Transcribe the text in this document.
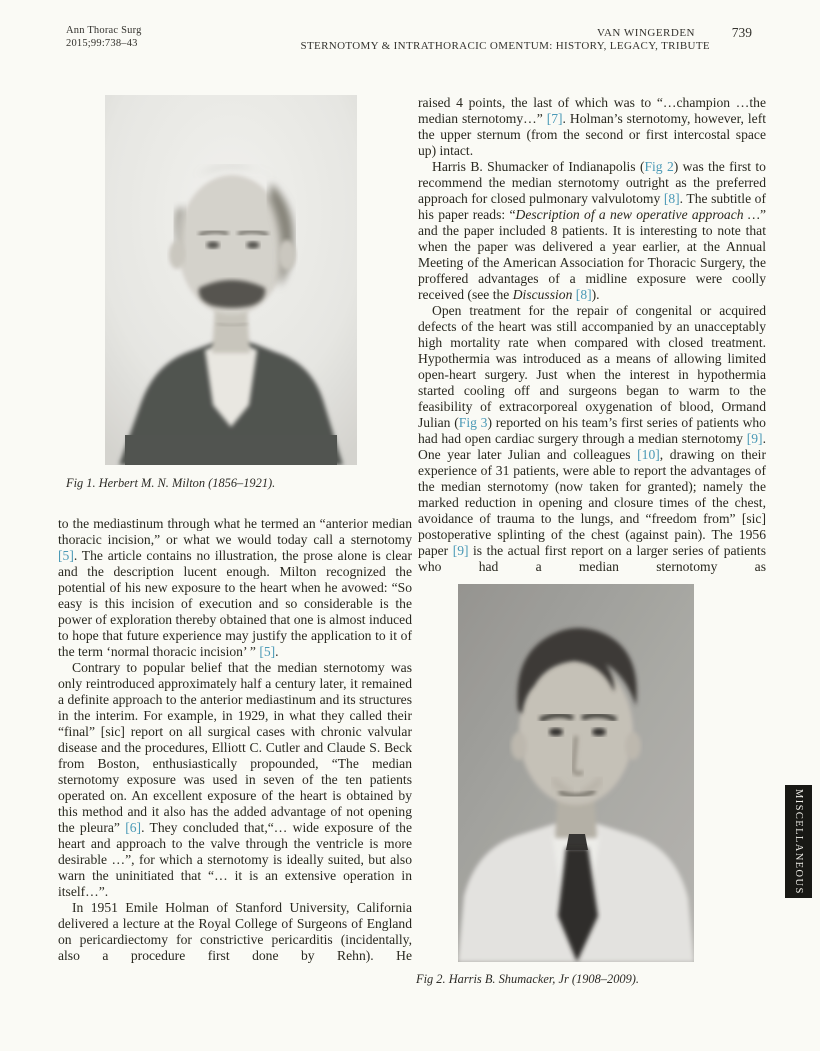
Ann Thorac Surg
2015;99:738–43
VAN WINGERDEN	739
STERNOTOMY & INTRATHORACIC OMENTUM: HISTORY, LEGACY, TRIBUTE
Fig 1. Herbert M. N. Milton (1856–1921).

to the mediastinum through what he termed an “anterior median thoracic incision,” or what we would today call a sternotomy [5]. The article contains no illustration, the prose alone is clear and the description lucent enough. Milton recognized the potential of his new exposure to the heart when he avowed: “So easy is this incision of execution and so considerable is the power of exploration thereby obtained that one is almost induced to hope that future experience may justify the application to it of the term ‘normal thoracic incision’ ” [5].

Contrary to popular belief that the median sternotomy was only reintroduced approximately half a century later, it remained a definite approach to the anterior mediastinum and its structures in the interim. For example, in 1929, in what they called their “final” [sic] report on all surgical cases with chronic valvular disease and the procedures, Elliott C. Cutler and Claude S. Beck from Boston, enthusiastically propounded, “The median sternotomy exposure was used in seven of the ten patients operated on. An excellent exposure of the heart is obtained by this method and it also has the added advantage of not opening the pleura” [6]. They concluded that,“… wide exposure of the heart and approach to the valve through the ventricle is more desirable …”, for which a sternotomy is ideally suited, but also warn the uninitiated that “… it is an extensive operation in itself…”.

In 1951 Emile Holman of Stanford University, California delivered a lecture at the Royal College of Surgeons of England on pericardiectomy for constrictive pericarditis (incidentally, also a procedure first done by Rehn). He

raised 4 points, the last of which was to “…champion …the median sternotomy…” [7]. Holman’s sternotomy, however, left the upper sternum (from the second or first intercostal space up) intact.

Harris B. Shumacker of Indianapolis (Fig 2) was the first to recommend the median sternotomy outright as the preferred approach for closed pulmonary valvulotomy [8]. The subtitle of his paper reads: “Description of a new operative approach …” and the paper included 8 patients. It is interesting to note that when the paper was delivered a year earlier, at the Annual Meeting of the American Association for Thoracic Surgery, the proffered advantages of a midline exposure were coolly received (see the Discussion [8]).

Open treatment for the repair of congenital or acquired defects of the heart was still accompanied by an unacceptably high mortality rate when compared with closed treatment. Hypothermia was introduced as a means of allowing limited open-heart surgery. Just when the interest in hypothermia started cooling off and surgeons began to warm to the feasibility of extracorporeal oxygenation of blood, Ormand Julian (Fig 3) reported on his team’s first series of patients who had had open cardiac surgery through a median sternotomy [9]. One year later Julian and colleagues [10], drawing on their experience of 31 patients, were able to report the advantages of the median sternotomy (now taken for granted); namely the marked reduction in opening and closure times of the chest, avoidance of trauma to the lungs, and “freedom from” [sic] postoperative splinting of the chest (against pain). The 1956 paper [9] is the actual first report on a larger series of patients who had a median sternotomy as

Fig 2. Harris B. Shumacker, Jr (1908–2009).
MISCELLANEOUS
